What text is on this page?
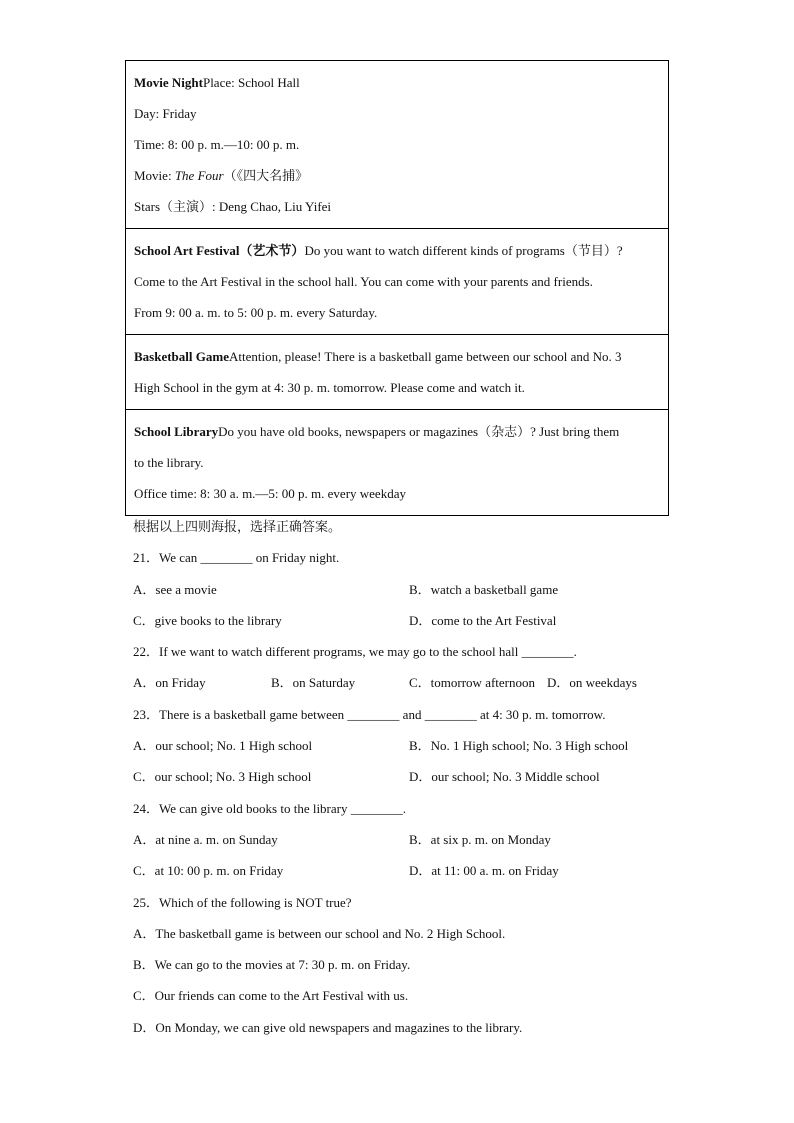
Movie NightPlace: School Hall
Day: Friday
Time: 8: 00 p. m.—10: 00 p. m.
Movie: The Four（《四大名捕》
Stars（主演）: Deng Chao, Liu Yifei
School Art Festival（艺术节）Do you want to watch different kinds of programs（节目）?
Come to the Art Festival in the school hall. You can come with your parents and friends.
From 9: 00 a. m. to 5: 00 p. m. every Saturday.
Basketball GameAttention, please! There is a basketball game between our school and No. 3
High School in the gym at 4: 30 p. m. tomorrow. Please come and watch it.
School LibraryDo you have old books, newspapers or magazines（杂志）? Just bring them
to the library.
Office time: 8: 30 a. m.—5: 00 p. m. every weekday
根据以上四则海报，选择正确答案。
21．We can ________ on Friday night.
A．see a movie	B．watch a basketball game
C．give books to the library	D．come to the Art Festival
22．If we want to watch different programs, we may go to the school hall ________.
A．on Friday	B．on Saturday	C．tomorrow afternoon D．on weekdays
23．There is a basketball game between ________ and ________ at 4: 30 p. m. tomorrow.
A．our school; No. 1 High school	B．No. 1 High school; No. 3 High school
C．our school; No. 3 High school	D．our school; No. 3 Middle school
24．We can give old books to the library ________.
A．at nine a. m. on Sunday	B．at six p. m. on Monday
C．at 10: 00 p. m. on Friday	D．at 11: 00 a. m. on Friday
25．Which of the following is NOT true?
A．The basketball game is between our school and No. 2 High School.
B．We can go to the movies at 7: 30 p. m. on Friday.
C．Our friends can come to the Art Festival with us.
D．On Monday, we can give old newspapers and magazines to the library.
